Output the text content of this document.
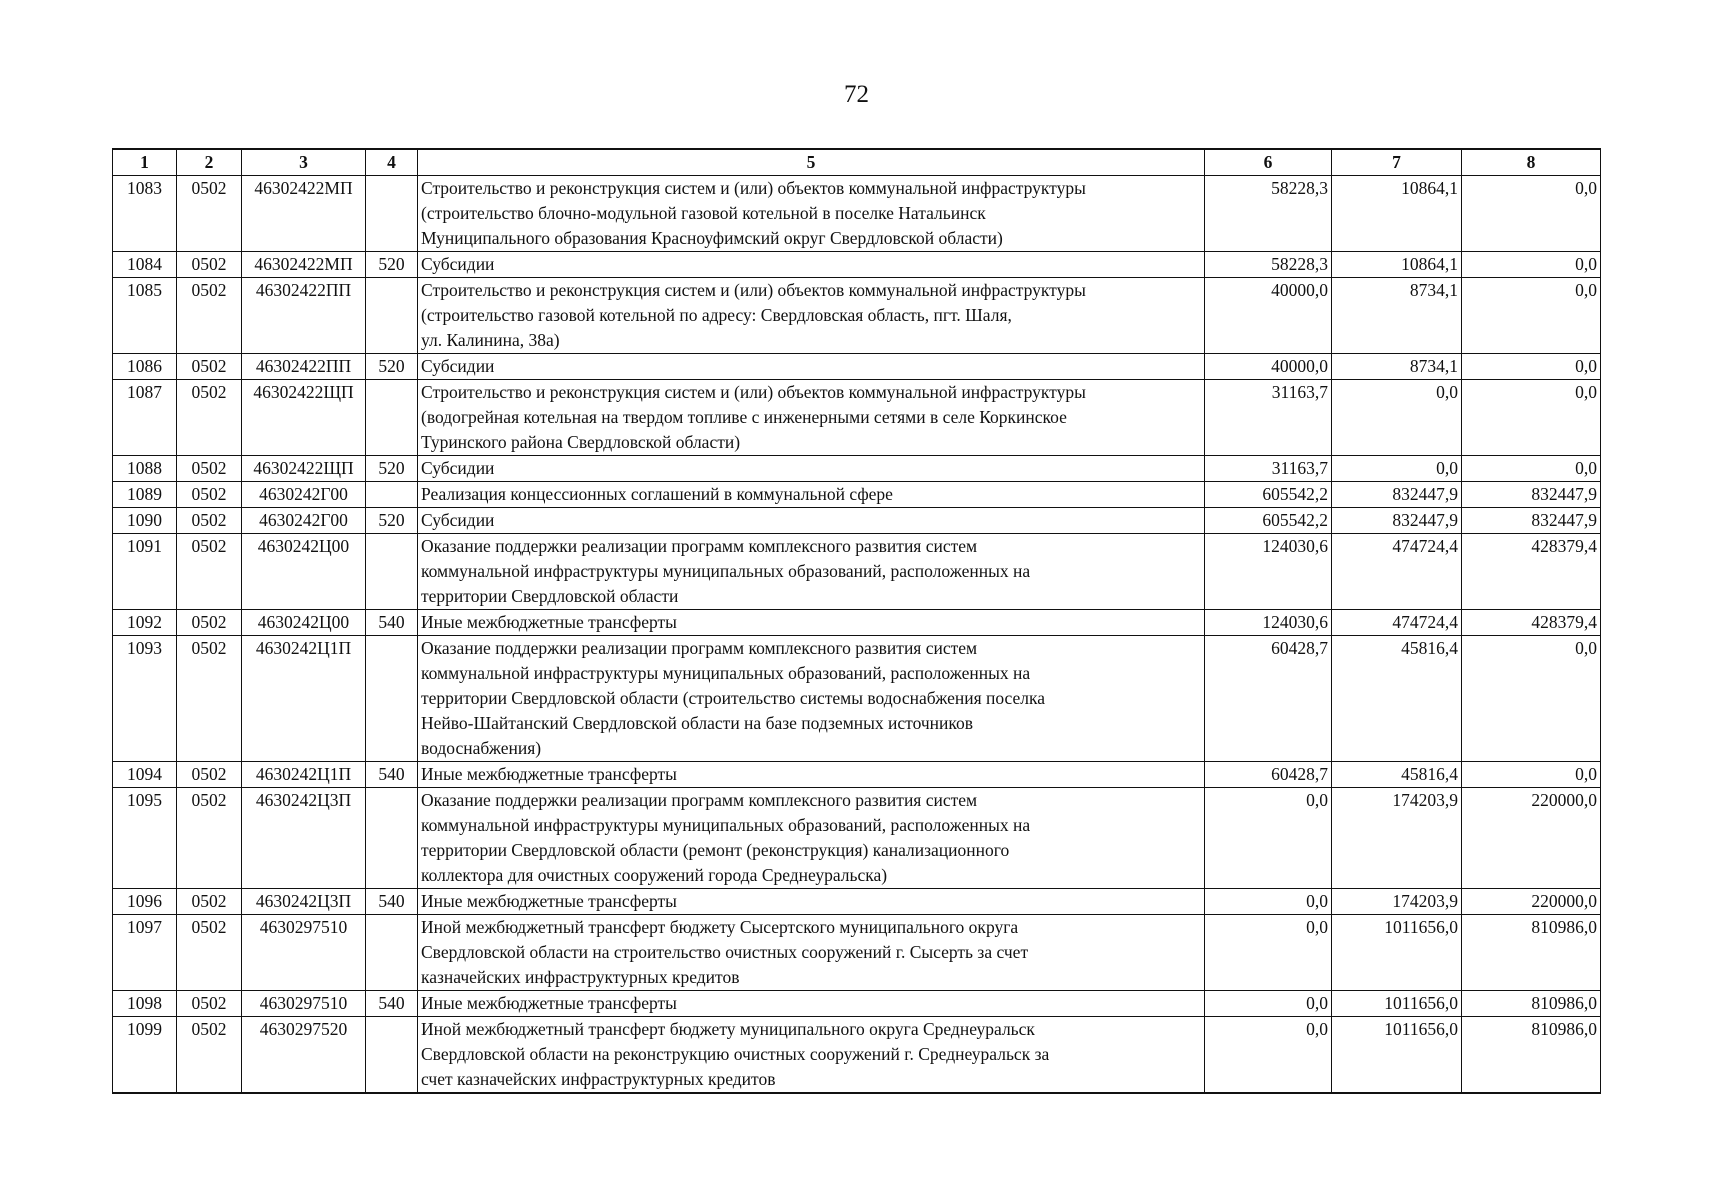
72
1	2	3	4	5	6	7	8
1083	0502	46302422МП		Строительство и реконструкция систем и (или) объектов коммунальной инфраструктуры
(строительство блочно-модульной газовой котельной в поселке Натальинск
Муниципального образования Красноуфимский округ Свердловской области)	58228,3	10864,1	0,0
1084	0502	46302422МП	520	Субсидии	58228,3	10864,1	0,0
1085	0502	46302422ПП		Строительство и реконструкция систем и (или) объектов коммунальной инфраструктуры
(строительство газовой котельной по адресу: Свердловская область, пгт. Шаля,
ул. Калинина, 38а)	40000,0	8734,1	0,0
1086	0502	46302422ПП	520	Субсидии	40000,0	8734,1	0,0
1087	0502	46302422ЩП		Строительство и реконструкция систем и (или) объектов коммунальной инфраструктуры
(водогрейная котельная на твердом топливе с инженерными сетями в селе Коркинское
Туринского района Свердловской области)	31163,7	0,0	0,0
1088	0502	46302422ЩП	520	Субсидии	31163,7	0,0	0,0
1089	0502	4630242Г00		Реализация концессионных соглашений в коммунальной сфере	605542,2	832447,9	832447,9
1090	0502	4630242Г00	520	Субсидии	605542,2	832447,9	832447,9
1091	0502	4630242Ц00		Оказание поддержки реализации программ комплексного развития систем
коммунальной инфраструктуры муниципальных образований, расположенных на
территории Свердловской области	124030,6	474724,4	428379,4
1092	0502	4630242Ц00	540	Иные межбюджетные трансферты	124030,6	474724,4	428379,4
1093	0502	4630242Ц1П		Оказание поддержки реализации программ комплексного развития систем
коммунальной инфраструктуры муниципальных образований, расположенных на
территории Свердловской области (строительство системы водоснабжения поселка
Нейво-Шайтанский Свердловской области на базе подземных источников
водоснабжения)	60428,7	45816,4	0,0
1094	0502	4630242Ц1П	540	Иные межбюджетные трансферты	60428,7	45816,4	0,0
1095	0502	4630242Ц3П		Оказание поддержки реализации программ комплексного развития систем
коммунальной инфраструктуры муниципальных образований, расположенных на
территории Свердловской области (ремонт (реконструкция) канализационного
коллектора для очистных сооружений города Среднеуральска)	0,0	174203,9	220000,0
1096	0502	4630242Ц3П	540	Иные межбюджетные трансферты	0,0	174203,9	220000,0
1097	0502	4630297510		Иной межбюджетный трансферт бюджету Сысертского муниципального округа
Свердловской области на строительство очистных сооружений г. Сысерть за счет
казначейских инфраструктурных кредитов	0,0	1011656,0	810986,0
1098	0502	4630297510	540	Иные межбюджетные трансферты	0,0	1011656,0	810986,0
1099	0502	4630297520		Иной межбюджетный трансферт бюджету муниципального округа Среднеуральск
Свердловской области на реконструкцию очистных сооружений г. Среднеуральск за
счет казначейских инфраструктурных кредитов	0,0	1011656,0	810986,0
